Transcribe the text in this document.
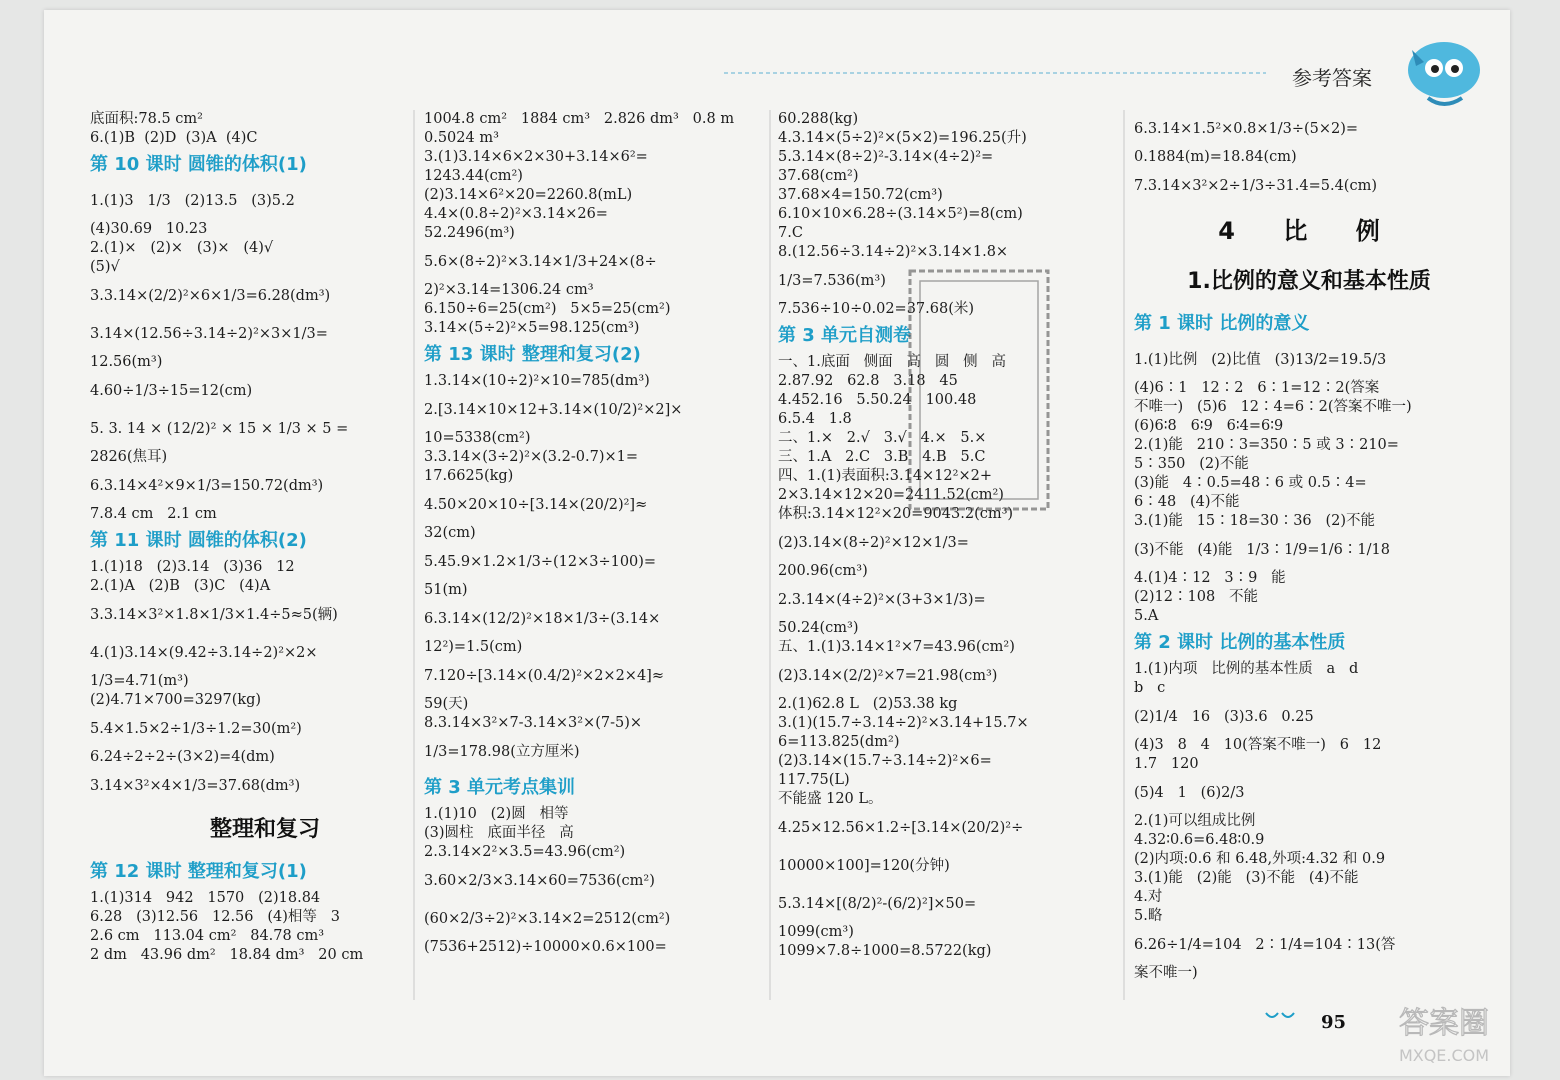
参考答案
底面积:78.5 cm²
6.(1)B  (2)D  (3)A  (4)C
第 10 课时 圆锥的体积(1)
1.(1)3   1/3   (2)13.5   (3)5.2
(4)30.69   10.23
2.(1)×   (2)×   (3)×   (4)√
(5)√
3.3.14×(2/2)²×6×1/3=6.28(dm³)
3.14×(12.56÷3.14÷2)²×3×1/3=
12.56(m³)
4.60÷1/3÷15=12(cm)
5. 3. 14 × (12/2)² × 15 × 1/3 × 5 =
2826(焦耳)
6.3.14×4²×9×1/3=150.72(dm³)
7.8.4 cm   2.1 cm
第 11 课时 圆锥的体积(2)
1.(1)18   (2)3.14   (3)36   12
2.(1)A   (2)B   (3)C   (4)A
3.3.14×3²×1.8×1/3×1.4÷5≈5(辆)
4.(1)3.14×(9.42÷3.14÷2)²×2×
1/3=4.71(m³)
(2)4.71×700=3297(kg)
5.4×1.5×2÷1/3÷1.2=30(m²)
6.24÷2÷2÷(3×2)=4(dm)
3.14×3²×4×1/3=37.68(dm³)
整理和复习
第 12 课时 整理和复习(1)
1.(1)314   942   1570   (2)18.84
6.28   (3)12.56   12.56   (4)相等   3
2.6 cm   113.04 cm²   84.78 cm³
2 dm   43.96 dm²   18.84 dm³   20 cm
1004.8 cm²   1884 cm³   2.826 dm³   0.8 m
0.5024 m³
3.(1)3.14×6×2×30+3.14×6²=
1243.44(cm²)
(2)3.14×6²×20=2260.8(mL)
4.4×(0.8÷2)²×3.14×26=
52.2496(m³)
5.6×(8÷2)²×3.14×1/3+24×(8÷
2)²×3.14=1306.24 cm³
6.150÷6=25(cm²)   5×5=25(cm²)
3.14×(5÷2)²×5=98.125(cm³)
第 13 课时 整理和复习(2)
1.3.14×(10÷2)²×10=785(dm³)
2.[3.14×10×12+3.14×(10/2)²×2]×
10=5338(cm²)
3.3.14×(3÷2)²×(3.2-0.7)×1=
17.6625(kg)
4.50×20×10÷[3.14×(20/2)²]≈
32(cm)
5.45.9×1.2×1/3÷(12×3÷100)=
51(m)
6.3.14×(12/2)²×18×1/3÷(3.14×
12²)=1.5(cm)
7.120÷[3.14×(0.4/2)²×2×2×4]≈
59(天)
8.3.14×3²×7-3.14×3²×(7-5)×
1/3=178.98(立方厘米)
第 3 单元考点集训
1.(1)10   (2)圆   相等
(3)圆柱   底面半径   高
2.3.14×2²×3.5=43.96(cm²)
3.60×2/3×3.14×60=7536(cm²)
(60×2/3÷2)²×3.14×2=2512(cm²)
(7536+2512)÷10000×0.6×100=
60.288(kg)
4.3.14×(5÷2)²×(5×2)=196.25(升)
5.3.14×(8÷2)²-3.14×(4÷2)²=
37.68(cm²)
37.68×4=150.72(cm³)
6.10×10×6.28÷(3.14×5²)=8(cm)
7.C
8.(12.56÷3.14÷2)²×3.14×1.8×
1/3=7.536(m³)
7.536÷10÷0.02=37.68(米)
第 3 单元自测卷
一、1.底面   侧面   高   圆   侧   高
2.87.92   62.8   3.18   45
4.452.16   5.50.24   100.48
6.5.4   1.8
二、1.×   2.√   3.√   4.×   5.×
三、1.A   2.C   3.B   4.B   5.C
四、1.(1)表面积:3.14×12²×2+
2×3.14×12×20=2411.52(cm²)
体积:3.14×12²×20=9043.2(cm³)
(2)3.14×(8÷2)²×12×1/3=
200.96(cm³)
2.3.14×(4÷2)²×(3+3×1/3)=
50.24(cm³)
五、1.(1)3.14×1²×7=43.96(cm²)
(2)3.14×(2/2)²×7=21.98(cm³)
2.(1)62.8 L   (2)53.38 kg
3.(1)(15.7÷3.14÷2)²×3.14+15.7×
6=113.825(dm²)
(2)3.14×(15.7÷3.14÷2)²×6=
117.75(L)
不能盛 120 L。
4.25×12.56×1.2÷[3.14×(20/2)²÷
10000×100]=120(分钟)
5.3.14×[(8/2)²-(6/2)²]×50=
1099(cm³)
1099×7.8÷1000=8.5722(kg)
6.3.14×1.5²×0.8×1/3÷(5×2)=
0.1884(m)=18.84(cm)
7.3.14×3²×2÷1/3÷31.4=5.4(cm)
4 比 例
1.比例的意义和基本性质
第 1 课时 比例的意义
1.(1)比例   (2)比值   (3)13/2=19.5/3
(4)6∶1   12∶2   6∶1=12∶2(答案
不唯一)   (5)6   12∶4=6∶2(答案不唯一)
(6)6∶8   6∶9   6∶4=6∶9
2.(1)能   210∶3=350∶5 或 3∶210=
5∶350   (2)不能
(3)能   4∶0.5=48∶6 或 0.5∶4=
6∶48   (4)不能
3.(1)能   15∶18=30∶36   (2)不能
(3)不能   (4)能   1/3∶1/9=1/6∶1/18
4.(1)4∶12   3∶9   能
(2)12∶108   不能
5.A
第 2 课时 比例的基本性质
1.(1)内项   比例的基本性质   a   d
b   c
(2)1/4   16   (3)3.6   0.25
(4)3   8   4   10(答案不唯一)   6   12
1.7   120
(5)4   1   (6)2/3
2.(1)可以组成比例
4.32∶0.6=6.48∶0.9
(2)内项:0.6 和 6.48,外项:4.32 和 0.9
3.(1)能   (2)能   (3)不能   (4)不能
4.对
5.略
6.26÷1/4=104   2∶1/4=104∶13(答
案不唯一)
95 答案圈
MXQE.COM
